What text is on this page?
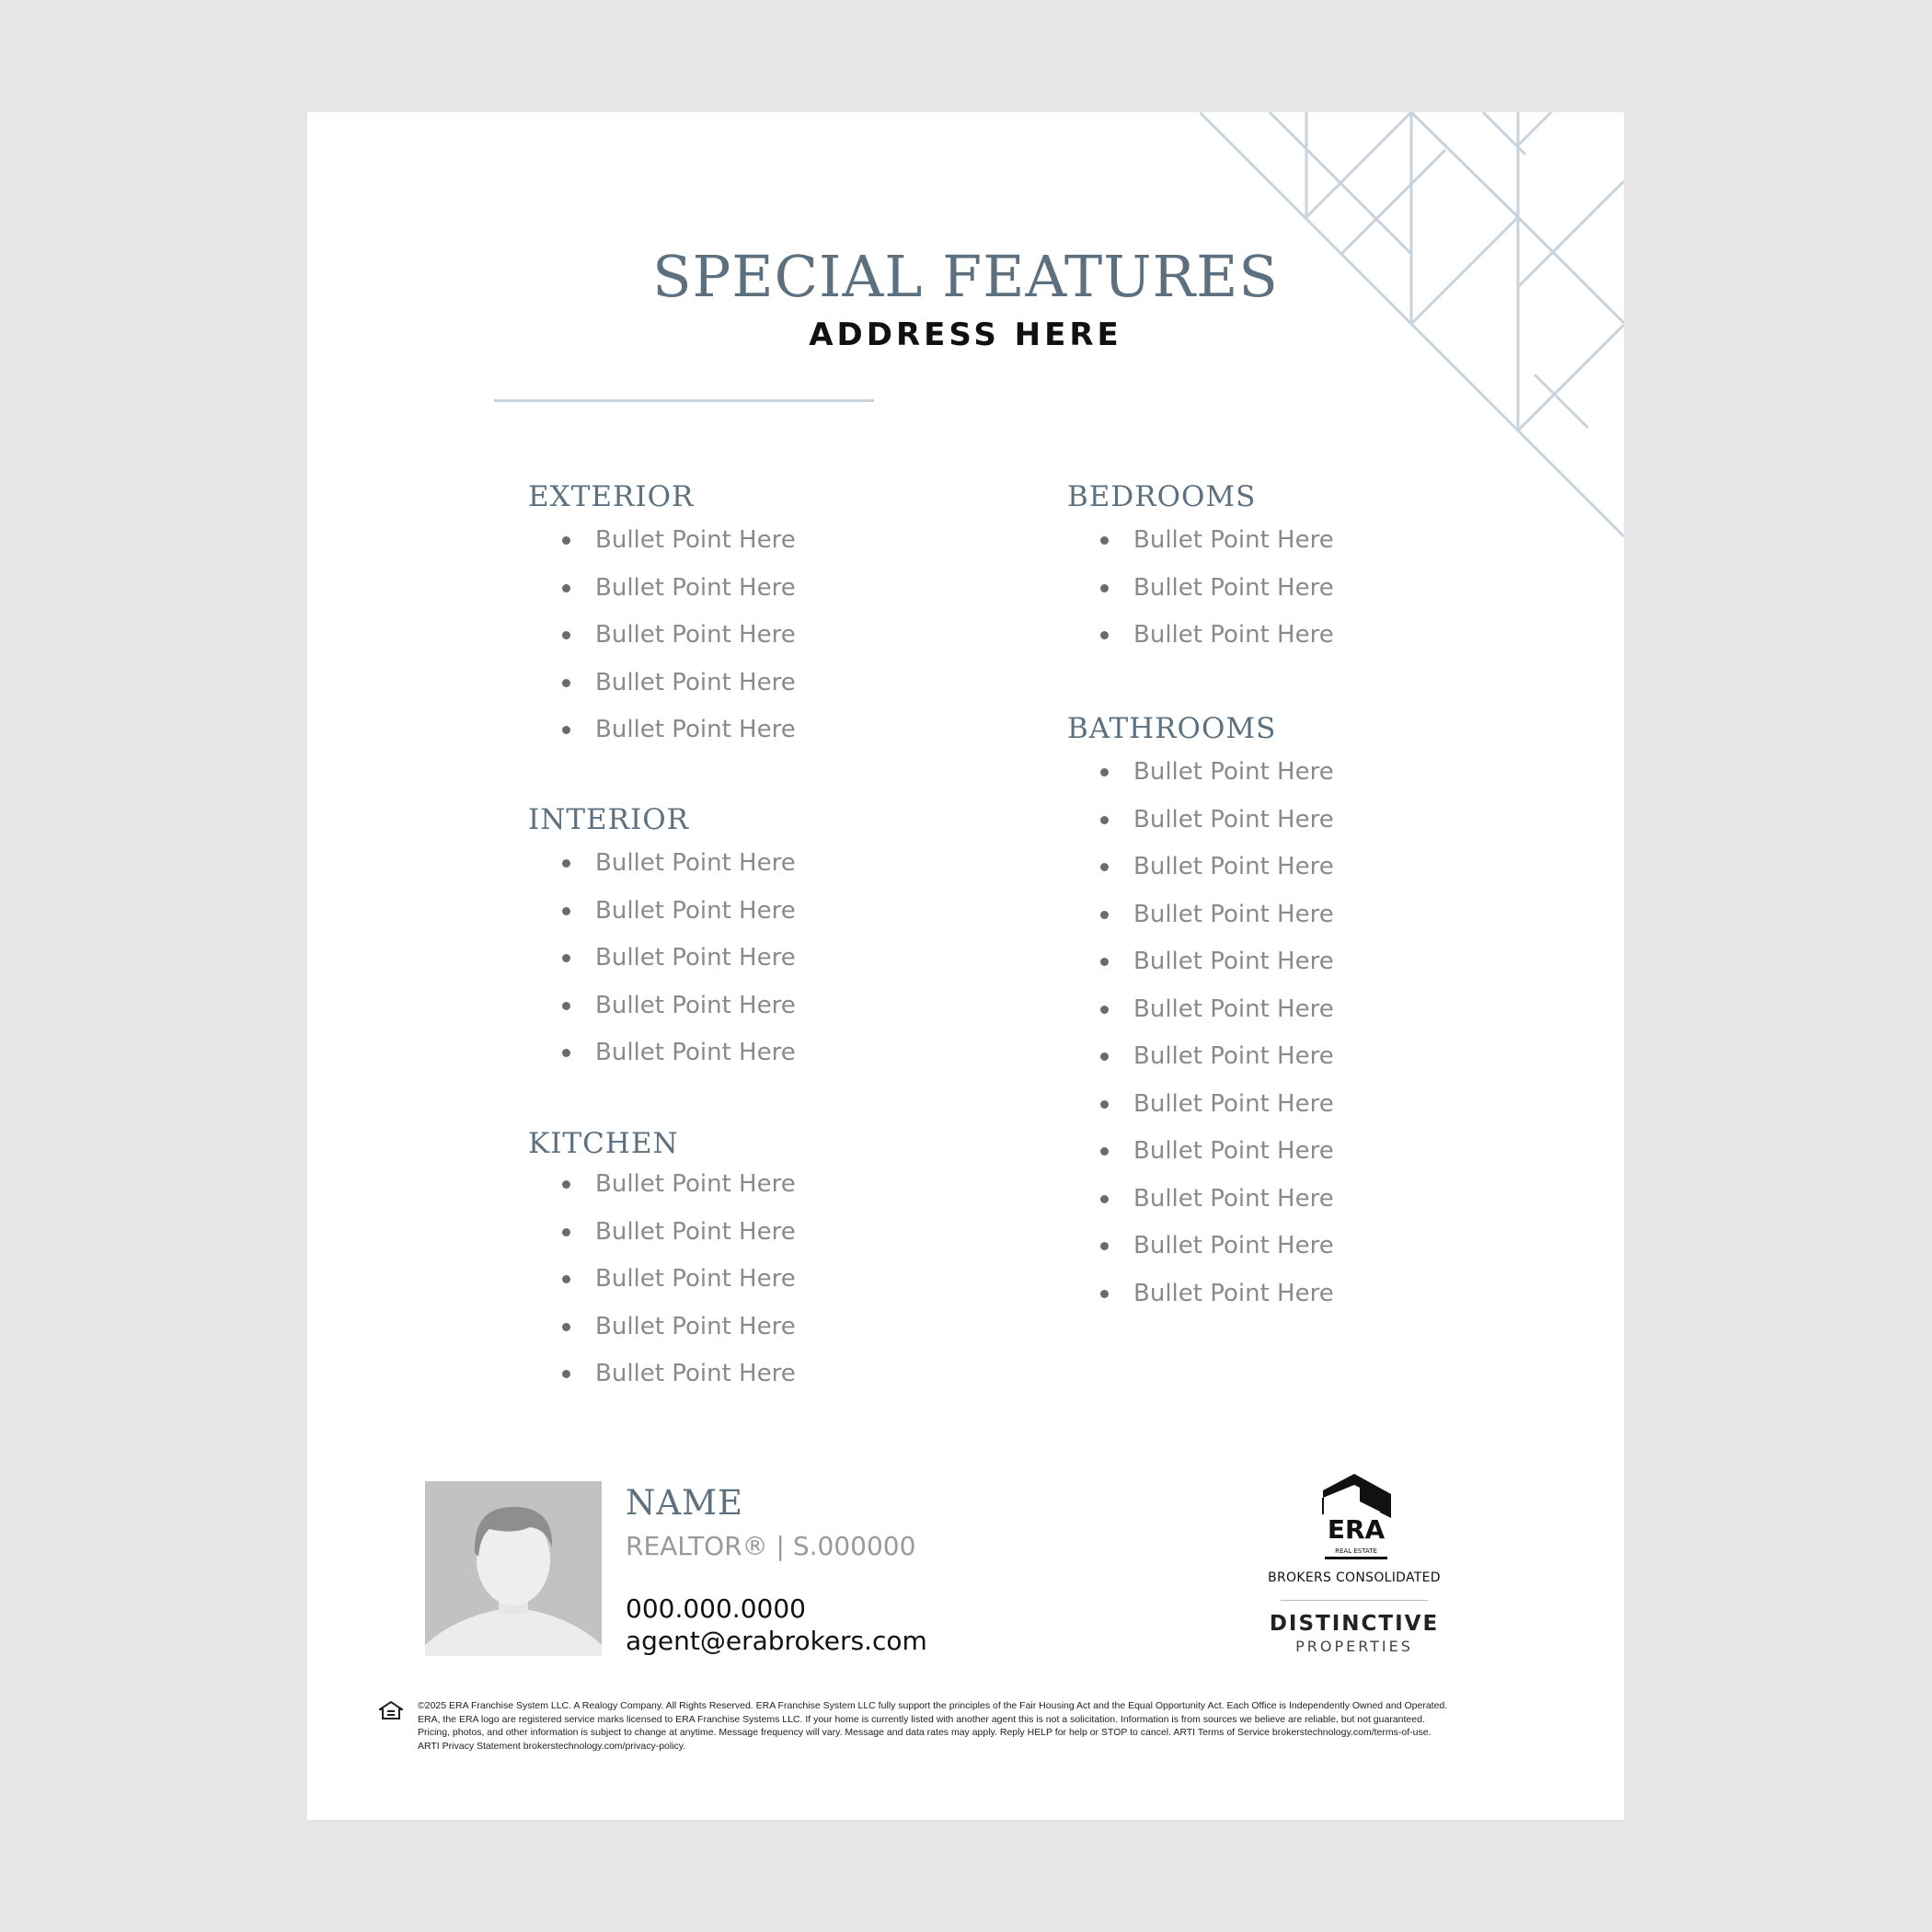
SPECIAL FEATURES
ADDRESS HERE
EXTERIOR
Bullet Point Here
Bullet Point Here
Bullet Point Here
Bullet Point Here
Bullet Point Here
INTERIOR
Bullet Point Here
Bullet Point Here
Bullet Point Here
Bullet Point Here
Bullet Point Here
KITCHEN
Bullet Point Here
Bullet Point Here
Bullet Point Here
Bullet Point Here
Bullet Point Here
BEDROOMS
Bullet Point Here
Bullet Point Here
Bullet Point Here
BATHROOMS
Bullet Point Here
Bullet Point Here
Bullet Point Here
Bullet Point Here
Bullet Point Here
Bullet Point Here
Bullet Point Here
Bullet Point Here
Bullet Point Here
Bullet Point Here
Bullet Point Here
Bullet Point Here
NAME
REALTOR® | S.000000
000.000.0000
agent@erabrokers.com
ERA
REAL ESTATE
BROKERS CONSOLIDATED
DISTINCTIVE
PROPERTIES
©2025 ERA Franchise System LLC. A Realogy Company. All Rights Reserved. ERA Franchise System LLC fully support the principles of the Fair Housing Act and the Equal Opportunity Act. Each Office is Independently Owned and Operated.
ERA, the ERA logo are registered service marks licensed to ERA Franchise Systems LLC. If your home is currently listed with another agent this is not a solicitation. Information is from sources we believe are reliable, but not guaranteed.
Pricing, photos, and other information is subject to change at anytime. Message frequency will vary. Message and data rates may apply. Reply HELP for help or STOP to cancel. ARTI Terms of Service brokerstechnology.com/terms-of-use.
ARTI Privacy Statement brokerstechnology.com/privacy-policy.
